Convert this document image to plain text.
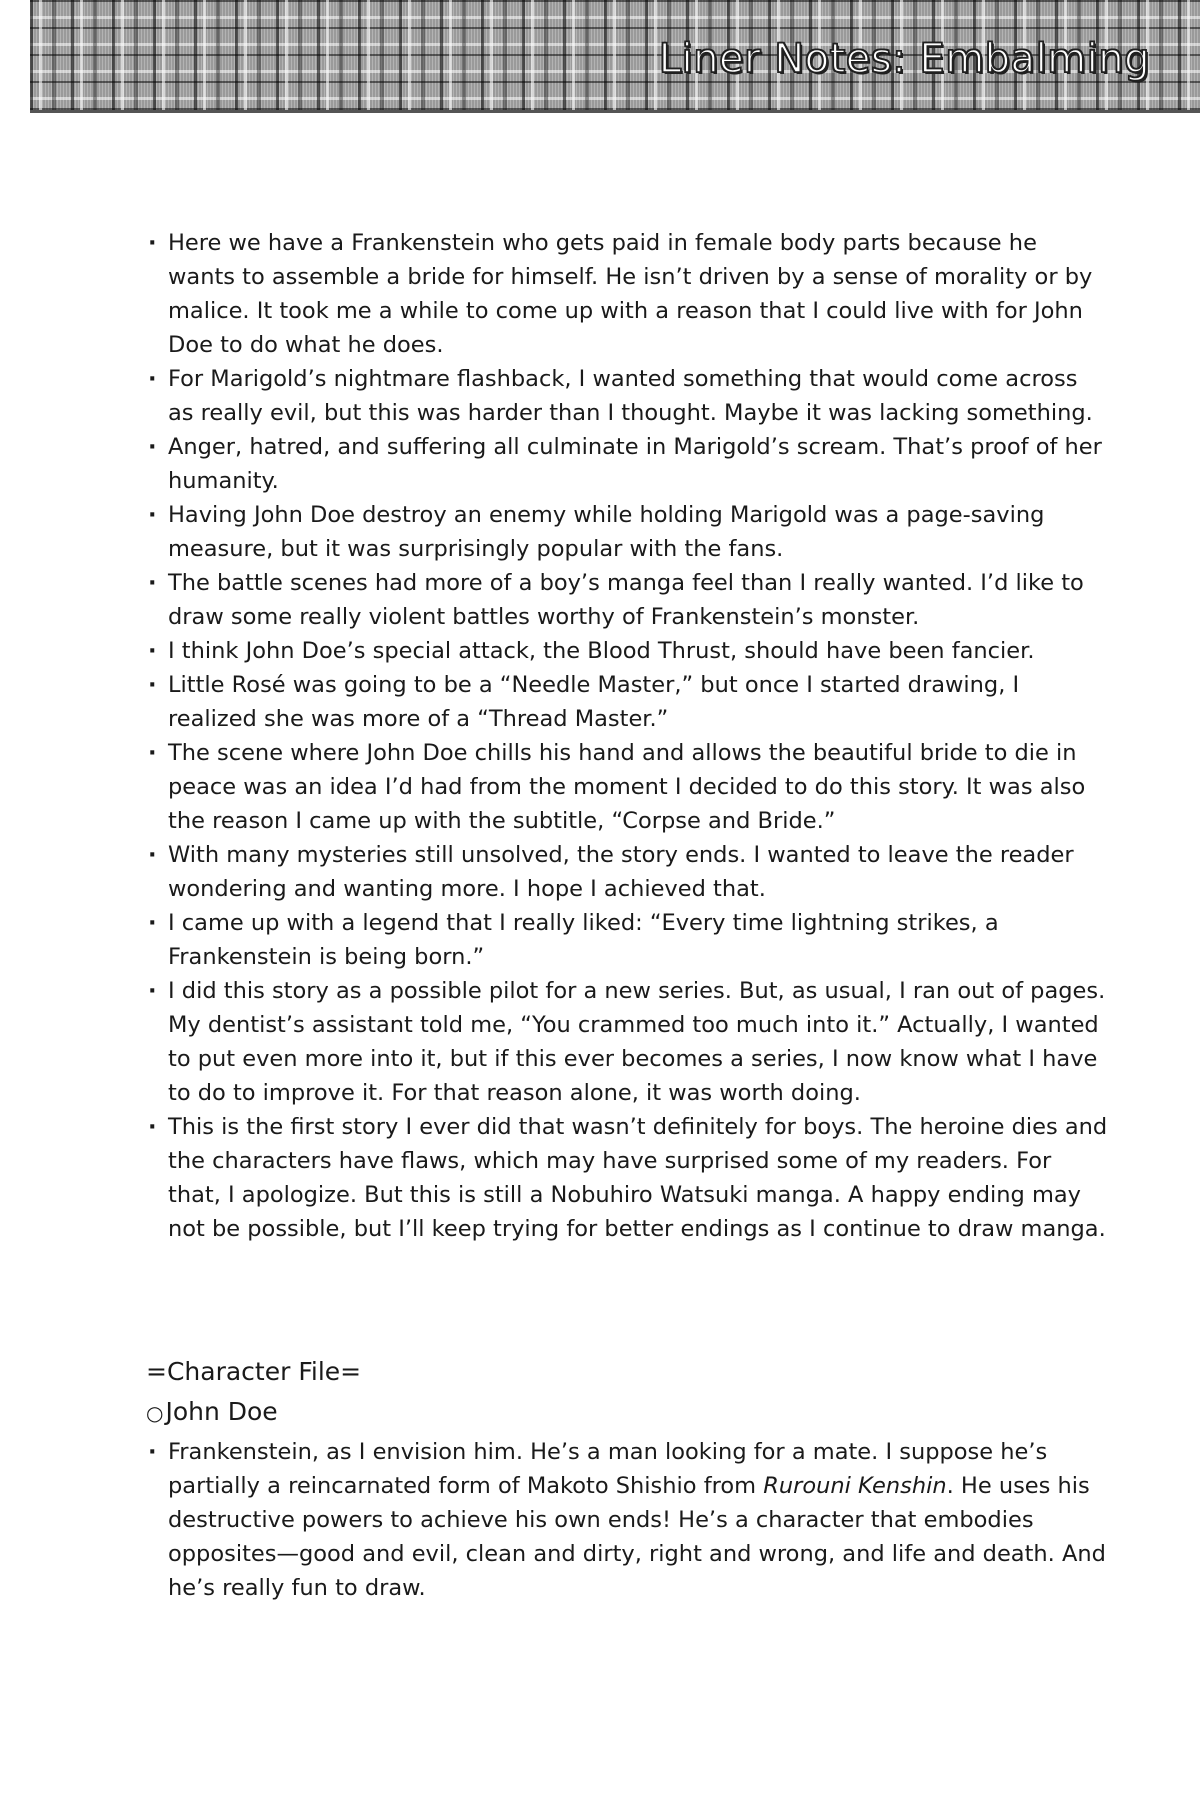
Liner Notes: Embalming
· Here we have a Frankenstein who gets paid in female body parts because he wants to assemble a bride for himself. He isn’t driven by a sense of morality or by malice. It took me a while to come up with a reason that I could live with for John Doe to do what he does.
· For Marigold’s nightmare flashback, I wanted something that would come across as really evil, but this was harder than I thought. Maybe it was lacking something.
· Anger, hatred, and suffering all culminate in Marigold’s scream. That’s proof of her humanity.
· Having John Doe destroy an enemy while holding Marigold was a page-saving measure, but it was surprisingly popular with the fans.
· The battle scenes had more of a boy’s manga feel than I really wanted. I’d like to draw some really violent battles worthy of Frankenstein’s monster.
· I think John Doe’s special attack, the Blood Thrust, should have been fancier.
· Little Rosé was going to be a “Needle Master,” but once I started drawing, I realized she was more of a “Thread Master.”
· The scene where John Doe chills his hand and allows the beautiful bride to die in peace was an idea I’d had from the moment I decided to do this story. It was also the reason I came up with the subtitle, “Corpse and Bride.”
· With many mysteries still unsolved, the story ends. I wanted to leave the reader wondering and wanting more. I hope I achieved that.
· I came up with a legend that I really liked: “Every time lightning strikes, a Frankenstein is being born.”
· I did this story as a possible pilot for a new series. But, as usual, I ran out of pages. My dentist’s assistant told me, “You crammed too much into it.” Actually, I wanted to put even more into it, but if this ever becomes a series, I now know what I have to do to improve it. For that reason alone, it was worth doing.
· This is the first story I ever did that wasn’t definitely for boys. The heroine dies and the characters have flaws, which may have surprised some of my readers. For that, I apologize. But this is still a Nobuhiro Watsuki manga. A happy ending may not be possible, but I’ll keep trying for better endings as I continue to draw manga.
=Character File=
○John Doe
· Frankenstein, as I envision him. He’s a man looking for a mate. I suppose he’s partially a reincarnated form of Makoto Shishio from Rurouni Kenshin. He uses his destructive powers to achieve his own ends! He’s a character that embodies opposites—good and evil, clean and dirty, right and wrong, and life and death. And he’s really fun to draw.
